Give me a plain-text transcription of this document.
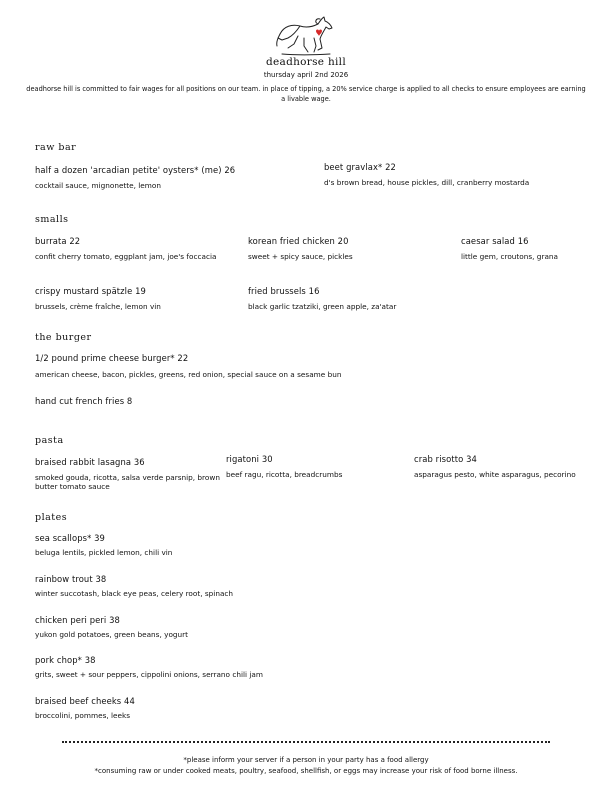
deadhorse hill
thursday april 2nd 2026
deadhorse hill is committed to fair wages for all positions on our team. in place of tipping, a 20% service charge is applied to all checks to ensure employees are earning a livable wage.
raw bar
half a dozen 'arcadian petite' oysters* (me) 26
cocktail sauce, mignonette, lemon
beet gravlax* 22
d's brown bread, house pickles, dill, cranberry mostarda
smalls
burrata 22
confit cherry tomato, eggplant jam, joe's foccacia
korean fried chicken 20
sweet + spicy sauce, pickles
caesar salad 16
little gem, croutons, grana
crispy mustard spätzle 19
brussels, crème fraîche, lemon vin
fried brussels 16
black garlic tzatziki, green apple, za'atar
the burger
1/2 pound prime cheese burger* 22
american cheese, bacon, pickles, greens, red onion, special sauce on a sesame bun
hand cut french fries 8
pasta
braised rabbit lasagna 36
smoked gouda, ricotta, salsa verde parsnip, brown butter tomato sauce
rigatoni 30
beef ragu, ricotta, breadcrumbs
crab risotto 34
asparagus pesto, white asparagus, pecorino
plates
sea scallops* 39
beluga lentils, pickled lemon, chili vin
rainbow trout 38
winter succotash, black eye peas, celery root, spinach
chicken peri peri 38
yukon gold potatoes, green beans, yogurt
pork chop* 38
grits, sweet + sour peppers, cippolini onions, serrano chili jam
braised beef cheeks 44
broccolini, pommes, leeks
*please inform your server if a person in your party has a food allergy
*consuming raw or under cooked meats, poultry, seafood, shellfish, or eggs may increase your risk of food borne illness.
